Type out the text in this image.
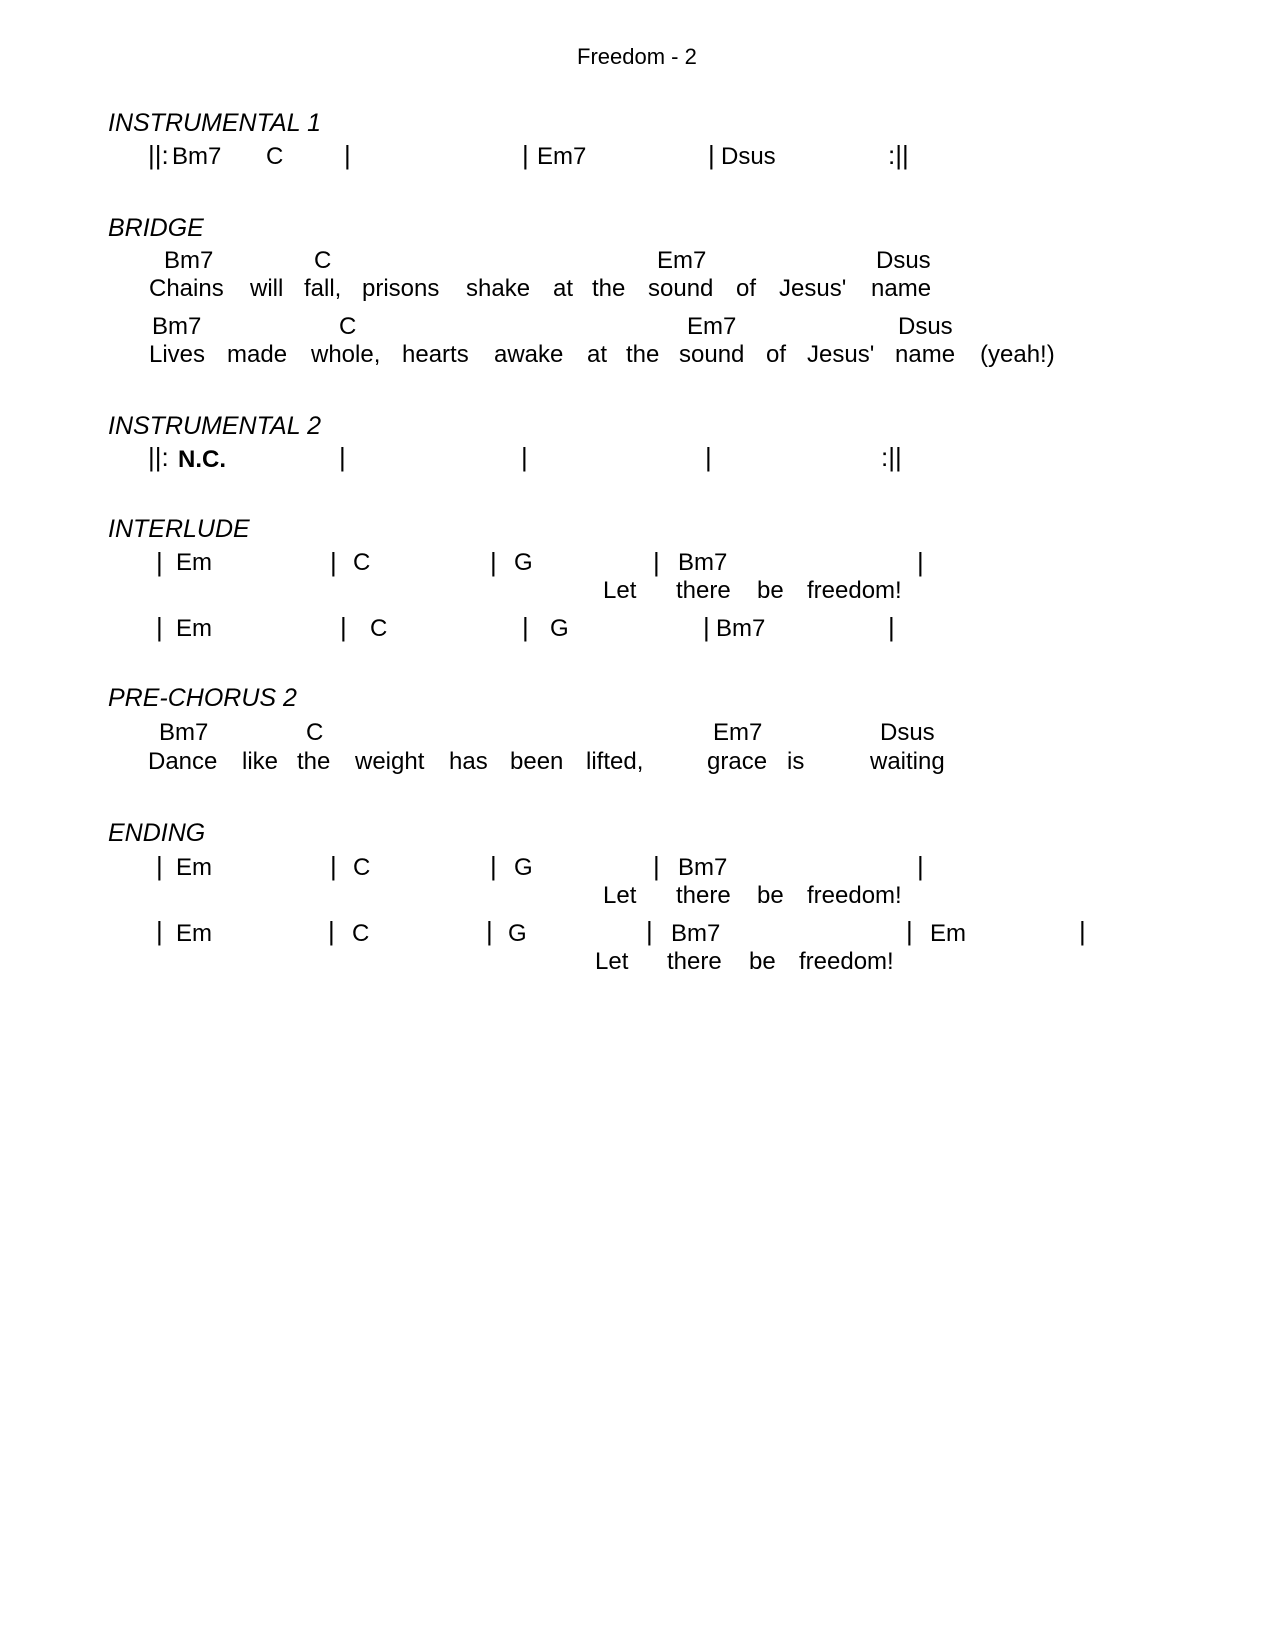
Freedom - 2
INSTRUMENTAL 1
||: Bm7 C |	| Em7	| Dsus	:||
BRIDGE
Bm7	C	Em7	Dsus
Chains will fall, prisons shake at the sound of Jesus' name
Bm7	C	Em7	Dsus
Lives made whole, hearts awake at the sound of Jesus' name (yeah!)
INSTRUMENTAL 2
||: N.C.	|	|	|	:||
INTERLUDE
| Em	| C	| G	| Bm7	|
Let there be freedom!
| Em	| C	| G	| Bm7	|
PRE-CHORUS 2
Bm7	C	Em7	Dsus
Dance like the weight has been lifted,	grace is	waiting
ENDING
| Em	| C	| G	| Bm7	|
Let there be freedom!
| Em	| C	| G	| Bm7	| Em	|
Let there be freedom!
